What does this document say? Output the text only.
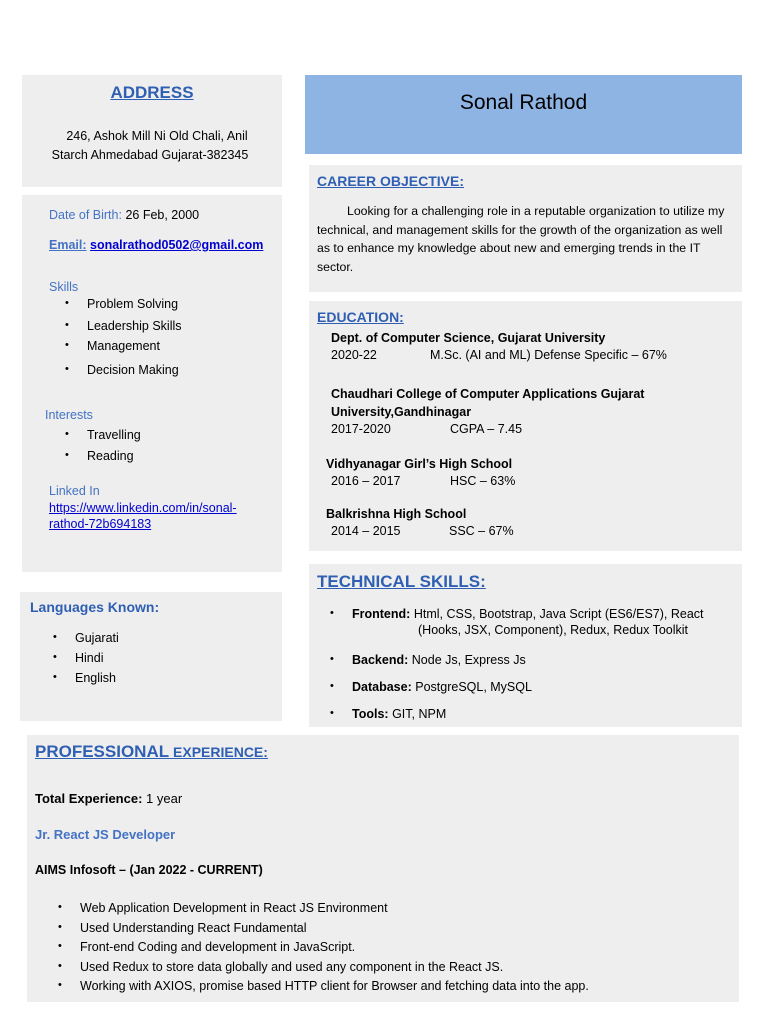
ADDRESS
246, Ashok Mill Ni Old Chali, Anil
Starch Ahmedabad Gujarat-382345
Date of Birth: 26 Feb, 2000
Email: sonalrathod0502@gmail.com
Skills
• Problem Solving
• Leadership Skills
• Management
• Decision Making
Interests
• Travelling
• Reading
Linked In
https://www.linkedin.com/in/sonal-
rathod-72b694183
Languages Known:
• Gujarati
• Hindi
• English
Sonal Rathod
CAREER OBJECTIVE:
Looking for a challenging role in a reputable organization to utilize my technical, and management skills for the growth of the organization as well as to enhance my knowledge about new and emerging trends in the IT sector.
EDUCATION:
Dept. of Computer Science, Gujarat University
2020-22	M.Sc. (AI and ML) Defense Specific – 67%
Chaudhari College of Computer Applications Gujarat University,Gandhinagar
2017-2020	CGPA – 7.45
Vidhyanagar Girl’s High School
2016 – 2017	HSC – 63%
Balkrishna High School
2014 – 2015	SSC – 67%
TECHNICAL SKILLS:
• Frontend: Html, CSS, Bootstrap, Java Script (ES6/ES7), React
(Hooks, JSX, Component), Redux, Redux Toolkit
• Backend: Node Js, Express Js
• Database: PostgreSQL, MySQL
• Tools: GIT, NPM
PROFESSIONAL EXPERIENCE:
Total Experience: 1 year
Jr. React JS Developer
AIMS Infosoft – (Jan 2022 - CURRENT)
• Web Application Development in React JS Environment
• Used Understanding React Fundamental
• Front-end Coding and development in JavaScript.
• Used Redux to store data globally and used any component in the React JS.
• Working with AXIOS, promise based HTTP client for Browser and fetching data into the app.
